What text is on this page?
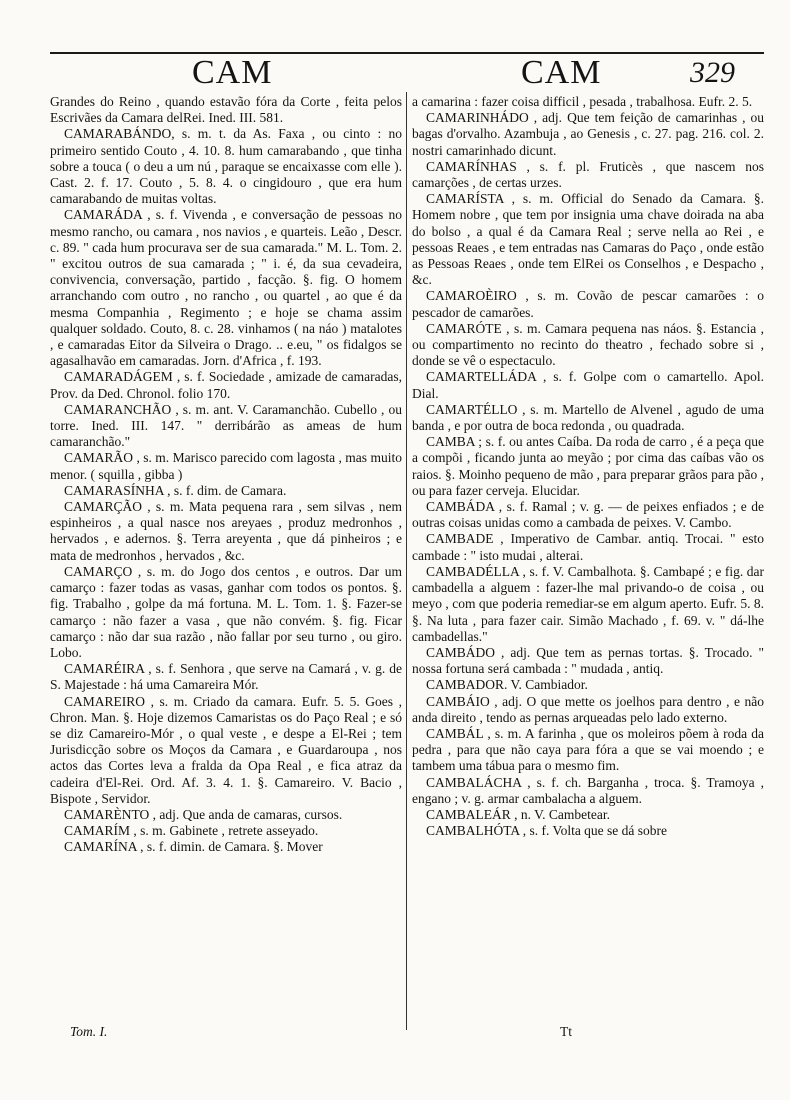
CAM	CAM	329

Grandes do Reino , quando estavão fóra da Corte , feita pelos Escrivães da Camara delRei. Ined. III. 581.

CAMARABÁNDO, s. m. t. da As. Faxa , ou cinto : no primeiro sentido Couto , 4. 10. 8. hum camarabando , que tinha sobre a touca ( o deu a um nú , paraque se encaixasse com elle ). Cast. 2. f. 17. Couto , 5. 8. 4. o cingidouro , que era hum camarabando de muitas voltas.

CAMARÁDA , s. f. Vivenda , e conversação de pessoas no mesmo rancho, ou camara , nos navios , e quarteis. Leão , Descr. c. 89. " cada hum procurava ser de sua camarada." M. L. Tom. 2. " excitou outros de sua camarada ; " i. é, da sua cevadeira, convivencia, conversação, partido , facção. §. fig. O homem arranchando com outro , no rancho , ou quartel , ao que é da mesma Companhia , Regimento ; e hoje se chama assim qualquer soldado. Couto, 8. c. 28. vinhamos ( na náo ) matalotes , e camaradas Eitor da Silveira o Drago. .. e.eu, " os fidalgos se agasalhavão em camaradas. Jorn. d'Africa , f. 193.

CAMARADÁGEM , s. f. Sociedade , amizade de camaradas, Prov. da Ded. Chronol. folio 170.

CAMARANCHÃO , s. m. ant. V. Caramanchão. Cubello , ou torre. Ined. III. 147. " derribárão as ameas de hum camaranchão."

CAMARÃO , s. m. Marisco parecido com lagosta , mas muito menor. ( squilla , gibba )

CAMARASÍNHA , s. f. dim. de Camara.

CAMARÇÃO , s. m. Mata pequena rara , sem silvas , nem espinheiros , a qual nasce nos areyaes , produz medronhos , hervados , e adernos. §. Terra areyenta , que dá pinheiros ; e mata de medronhos , hervados , &c.

CAMARÇO , s. m. do Jogo dos centos , e outros. Dar um camarço : fazer todas as vasas, ganhar com todos os pontos. §. fig. Trabalho , golpe da má fortuna. M. L. Tom. 1. §. Fazer-se camarço : não fazer a vasa , que não convém. §. fig. Ficar camarço : não dar sua razão , não fallar por seu turno , ou giro. Lobo.

CAMARÉIRA , s. f. Senhora , que serve na Camará , v. g. de S. Majestade : há uma Camareira Mór.

CAMAREIRO , s. m. Criado da camara. Eufr. 5. 5. Goes , Chron. Man. §. Hoje dizemos Camaristas os do Paço Real ; e só se diz Camareiro-Mór , o qual veste , e despe a El-Rei ; tem Jurisdicção sobre os Moços da Camara , e Guardaroupa , nos actos das Cortes leva a fralda da Opa Real , e fica atraz da cadeira d'El-Rei. Ord. Af. 3. 4. 1. §. Camareiro. V. Bacio , Bispote , Servidor.

CAMARÈNTO , adj. Que anda de camaras, cursos.

CAMARÍM , s. m. Gabinete , retrete asseyado.

CAMARÍNA , s. f. dimin. de Camara. §. Mover

a camarina : fazer coisa difficil , pesada , trabalhosa. Eufr. 2. 5.

CAMARINHÁDO , adj. Que tem feição de camarinhas , ou bagas d'orvalho. Azambuja , ao Genesis , c. 27. pag. 216. col. 2. nostri camarinhado dicunt.

CAMARÍNHAS , s. f. pl. Fruticès , que nascem nos camarções , de certas urzes.

CAMARÍSTA , s. m. Official do Senado da Camara. §. Homem nobre , que tem por insignia uma chave doirada na aba do bolso , a qual é da Camara Real ; serve nella ao Rei , e pessoas Reaes , e tem entradas nas Camaras do Paço , onde estão as Pessoas Reaes , onde tem ElRei os Conselhos , e Despacho , &c.

CAMAROÈIRO , s. m. Covão de pescar camarões : o pescador de camarões.

CAMARÓTE , s. m. Camara pequena nas náos. §. Estancia , ou compartimento no recinto do theatro , fechado sobre si , donde se vê o espectaculo.

CAMARTELLÁDA , s. f. Golpe com o camartello. Apol. Dial.

CAMARTÉLLO , s. m. Martello de Alvenel , agudo de uma banda , e por outra de boca redonda , ou quadrada.

CAMBA ; s. f. ou antes Caíba. Da roda de carro , é a peça que a compõi , ficando junta ao meyão ; por cima das caíbas vão os raios. §. Moinho pequeno de mão , para preparar grãos para pão , ou para fazer cerveja. Elucidar.

CAMBÁDA , s. f. Ramal ; v. g. — de peixes enfiados ; e de outras coisas unidas como a cambada de peixes. V. Cambo.

CAMBADE , Imperativo de Cambar. antiq. Trocai. " esto cambade : " isto mudai , alterai.

CAMBADÉLLA , s. f. V. Cambalhota. §. Cambapé ; e fig. dar cambadella a alguem : fazer-lhe mal privando-o de coisa , ou meyo , com que poderia remediar-se em algum aperto. Eufr. 5. 8. §. Na luta , para fazer cair. Simão Machado , f. 69. v. " dá-lhe cambadellas."

CAMBÁDO , adj. Que tem as pernas tortas. §. Trocado. " nossa fortuna será cambada : " mudada , antiq.

CAMBADOR. V. Cambiador.

CAMBÁIO , adj. O que mette os joelhos para dentro , e não anda direito , tendo as pernas arqueadas pelo lado externo.

CAMBÁL , s. m. A farinha , que os moleiros põem à roda da pedra , para que não caya para fóra a que se vai moendo ; e tambem uma tábua para o mesmo fim.

CAMBALÁCHA , s. f. ch. Barganha , troca. §. Tramoya , engano ; v. g. armar cambalacha a alguem.

CAMBALEÁR , n. V. Cambetear.

CAMBALHÓTA , s. f. Volta que se dá sobre

Tom. I.	Tt
